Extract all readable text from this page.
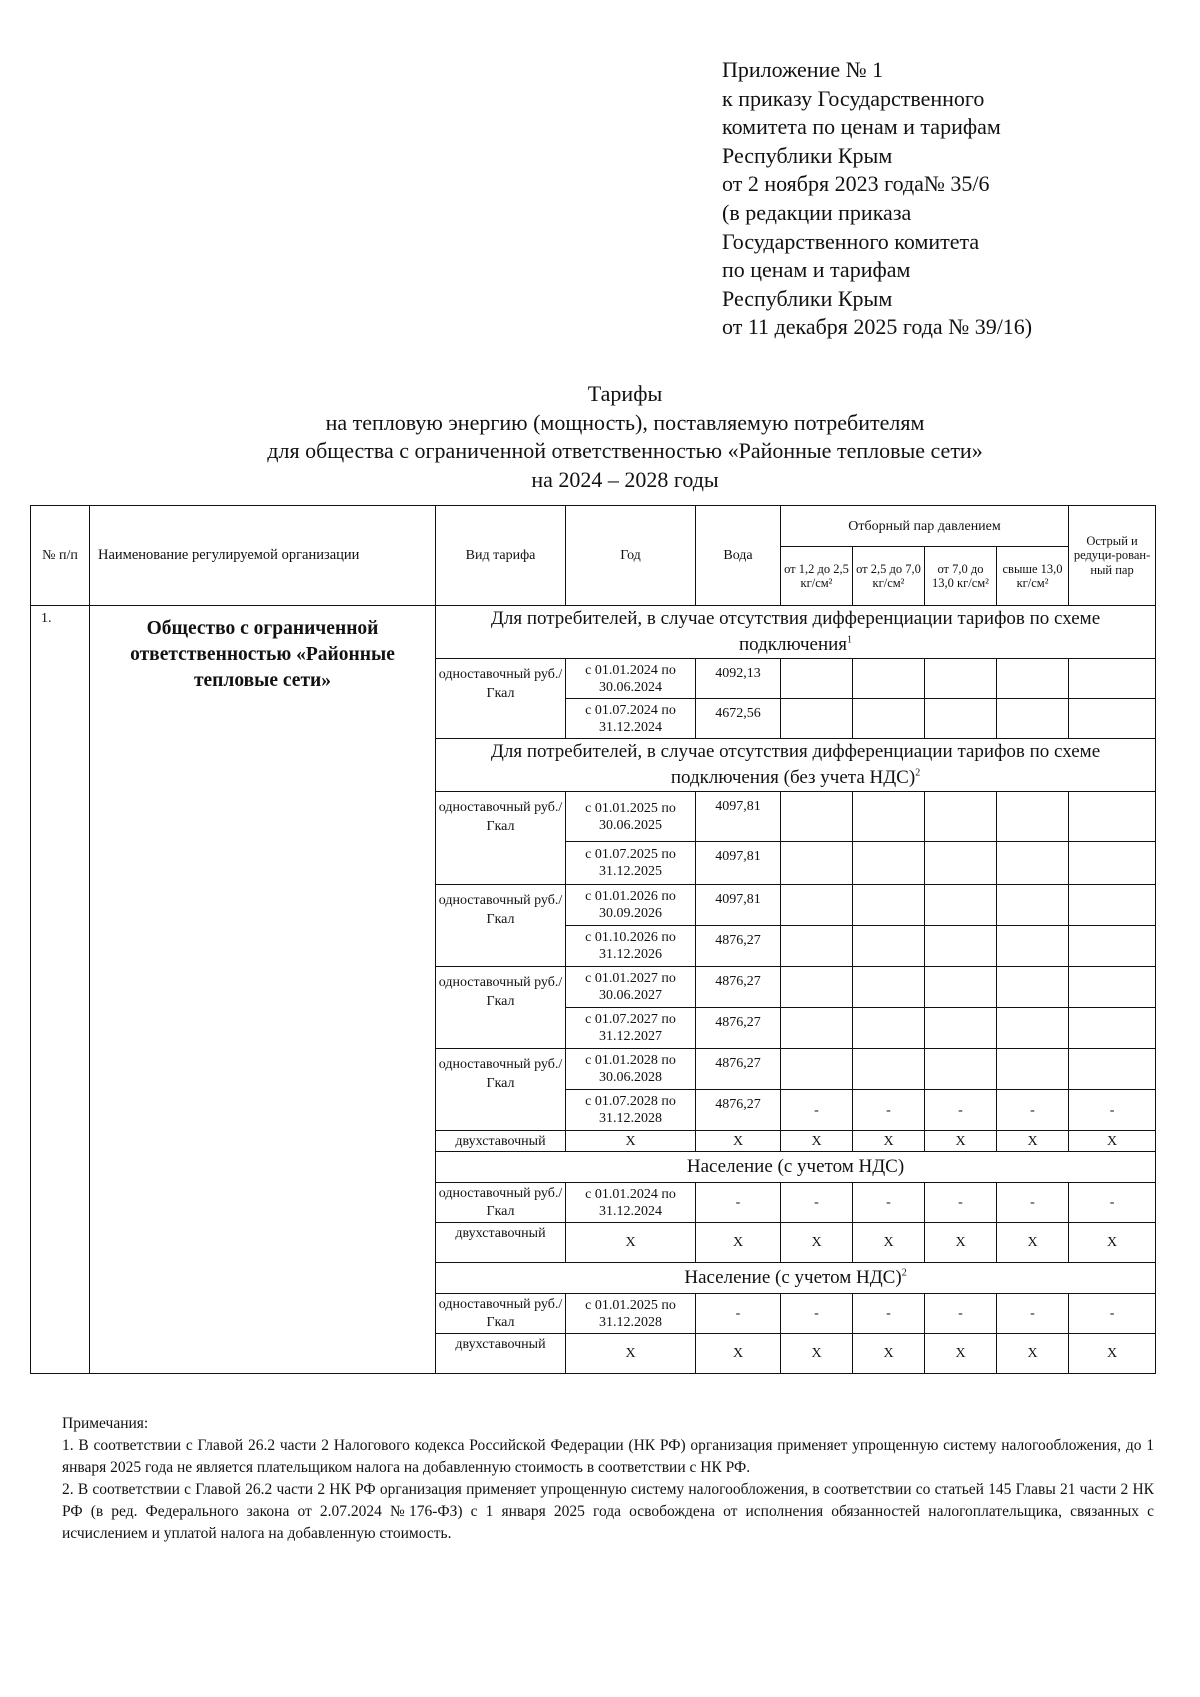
Приложение № 1
к приказу Государственного
комитета по ценам и тарифам
Республики Крым
от 2 ноября 2023 года№ 35/6
(в редакции приказа
Государственного комитета
по ценам и тарифам
Республики Крым
от 11 декабря 2025 года № 39/16)
Тарифы
на тепловую энергию (мощность), поставляемую потребителям
для общества с ограниченной ответственностью «Районные тепловые сети»
на 2024 – 2028 годы
№ п/п	Наименование регулируемой организации	Вид тарифа	Год	Вода	Отборный пар давлением				Острый и редуци-рован-ный пар
					от 1,2 до 2,5 кг/см²	от 2,5 до 7,0 кг/см²	от 7,0 до 13,0 кг/см²	свыше 13,0 кг/см²	
1.	Общество с ограниченной ответственностью «Районные тепловые сети»	Для потребителей, в случае отсутствия дифференциации тарифов по схеме подключения$^1$
		одноставочный руб./Гкал	с 01.01.2024 по 30.06.2024	4092,13					
			с 01.07.2024 по 31.12.2024	4672,56					
		Для потребителей, в случае отсутствия дифференциации тарифов по схеме подключения (без учета НДС)$^2$
		одноставочный руб./Гкал	с 01.01.2025 по 30.06.2025	4097,81					
			с 01.07.2025 по 31.12.2025	4097,81					
		одноставочный руб./Гкал	с 01.01.2026 по 30.09.2026	4097,81					
			с 01.10.2026 по 31.12.2026	4876,27					
		одноставочный руб./Гкал	с 01.01.2027 по 30.06.2027	4876,27					
			с 01.07.2027 по 31.12.2027	4876,27					
		одноставочный руб./Гкал	с 01.01.2028 по 30.06.2028	4876,27					
			с 01.07.2028 по 31.12.2028	4876,27	-	-	-	-	-
		двухставочный	Х	Х	Х	Х	Х	Х	Х
		Население (с учетом НДС)							
		одноставочный руб./Гкал	с 01.01.2024 по 31.12.2024	-	-	-	-	-	-
		двухставочный	Х	Х	Х	Х	Х	Х	Х
		Население (с учетом НДС)$^2$
		одноставочный руб./Гкал	с 01.01.2025 по 31.12.2028	-	-	-	-	-	-
		двухставочный	Х	Х	Х	Х	Х	Х	Х

Примечания:

1. В соответствии с Главой 26.2 части 2 Налогового кодекса Российской Федерации (НК РФ) организация применяет упрощенную систему налогообложения, до 1 января 2025 года не является плательщиком налога на добавленную стоимость в соответствии с НК РФ.

2. В соответствии с Главой 26.2 части 2 НК РФ организация применяет упрощенную систему налогообложения, в соответствии со статьей 145 Главы 21 части 2 НК РФ (в ред. Федерального закона от 2.07.2024 №176-ФЗ) с 1 января 2025 года освобождена от исполнения обязанностей налогоплательщика, связанных с исчислением и уплатой налога на добавленную стоимость.
